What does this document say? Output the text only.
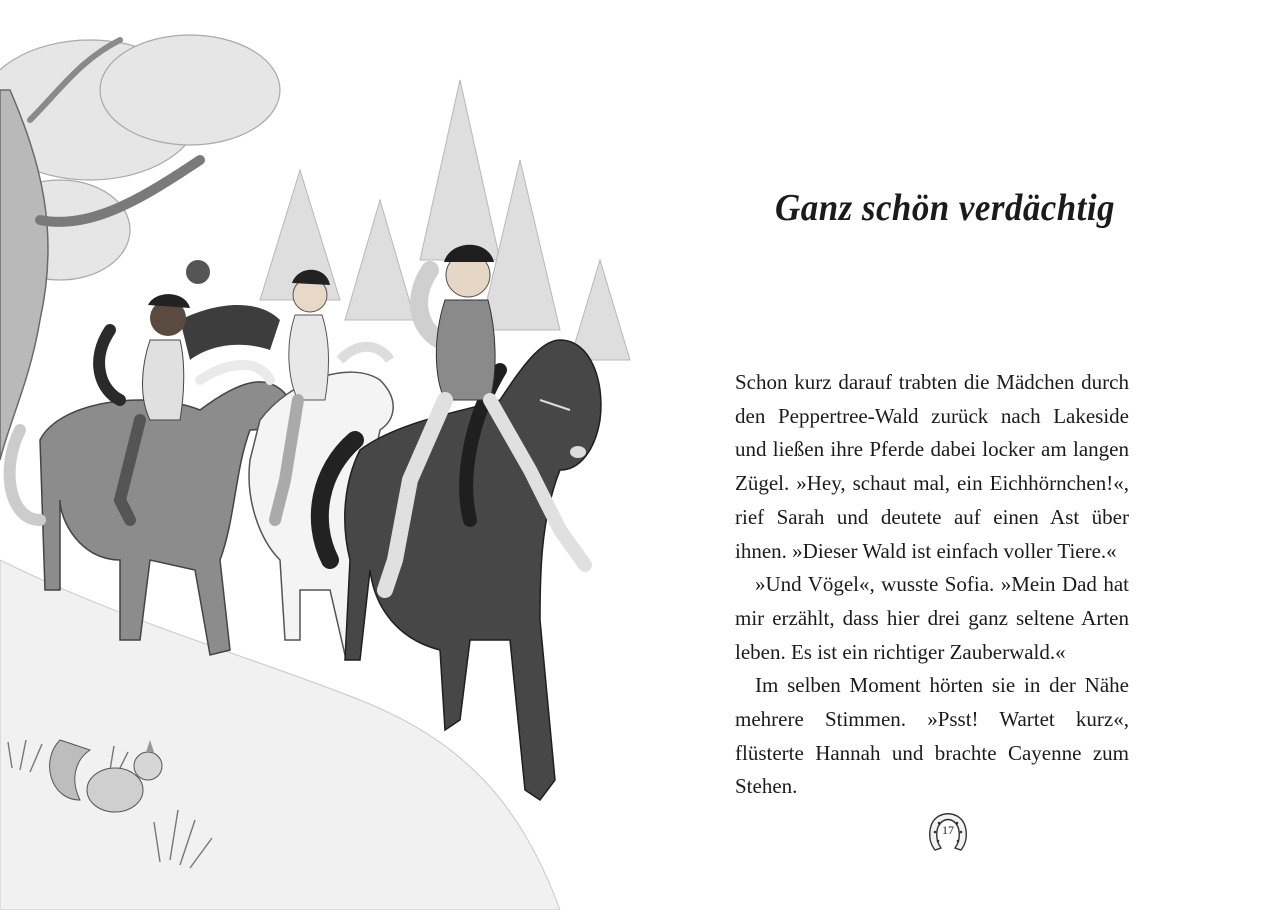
Ganz schön verdächtig

Schon kurz darauf trabten die Mädchen durch den Peppertree-Wald zurück nach Lakeside und ließen ihre Pferde dabei locker am langen Zügel. »Hey, schaut mal, ein Eichhörnchen!«, rief Sarah und deutete auf einen Ast über ihnen. »Dieser Wald ist einfach voller Tiere.«

»Und Vögel«, wusste Sofia. »Mein Dad hat mir erzählt, dass hier drei ganz seltene Arten leben. Es ist ein richtiger Zauberwald.«

Im selben Moment hörten sie in der Nähe mehrere Stimmen. »Psst! Wartet kurz«, flüsterte Hannah und brachte Cayenne zum Stehen.

17
